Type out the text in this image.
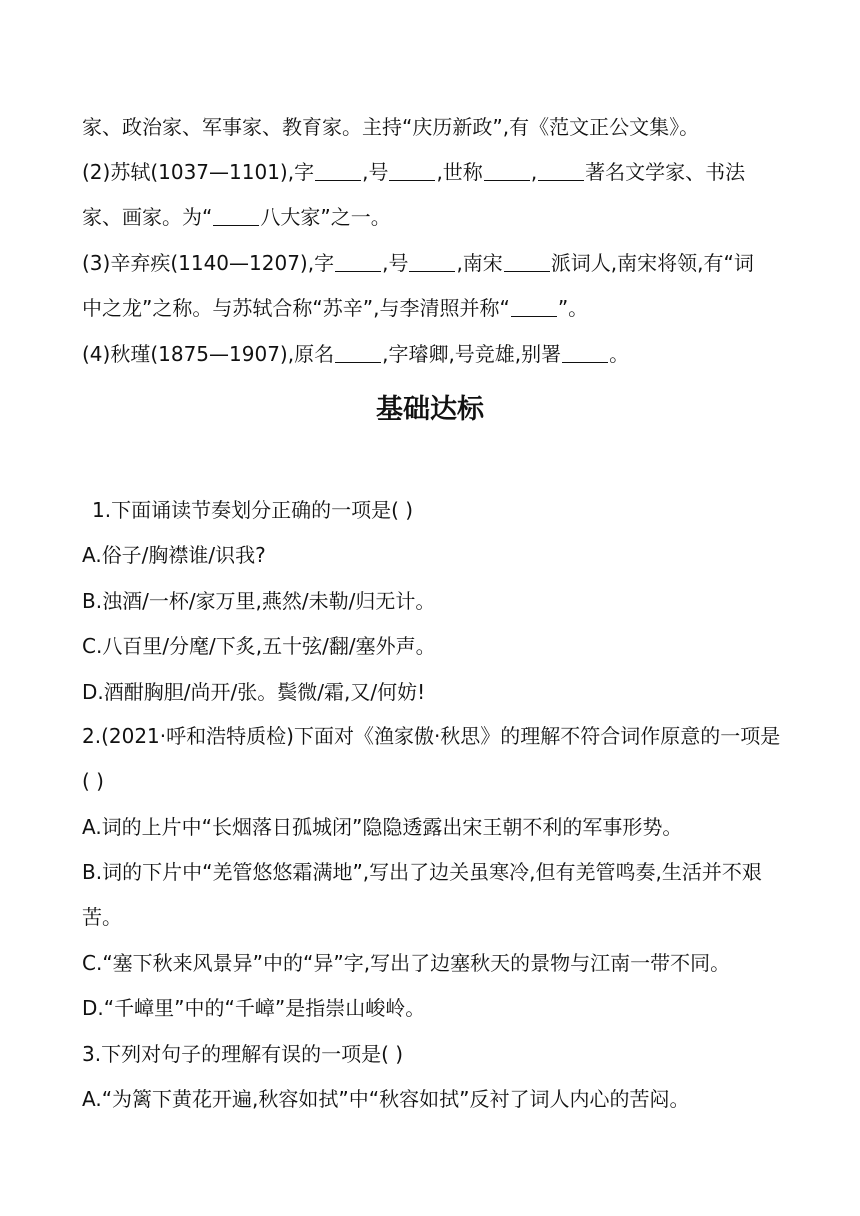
家、政治家、军事家、教育家。主持“庆历新政”,有《范文正公文集》。
(2)苏轼(1037—1101),字 ,号 ,世称 , 著名文学家、书法
家、画家。为“ 八大家”之一。
(3)辛弃疾(1140—1207),字 ,号 ,南宋 派词人,南宋将领,有“词
中之龙”之称。与苏轼合称“苏辛”,与李清照并称“ ”。
(4)秋瑾(1875—1907),原名 ,字璿卿,号竞雄,别署 。
基础达标
1.下面诵读节奏划分正确的一项是( )
A.俗子/胸襟谁/识我?
B.浊酒/一杯/家万里,燕然/未勒/归无计。
C.八百里/分麾/下炙,五十弦/翻/塞外声。
D.酒酣胸胆/尚开/张。鬓微/霜,又/何妨!
2.(2021·呼和浩特质检)下面对《渔家傲·秋思》的理解不符合词作原意的一项是
( )
A.词的上片中“长烟落日孤城闭”隐隐透露出宋王朝不利的军事形势。
B.词的下片中“羌管悠悠霜满地”,写出了边关虽寒冷,但有羌管鸣奏,生活并不艰
苦。
C.“塞下秋来风景异”中的“异”字,写出了边塞秋天的景物与江南一带不同。
D.“千嶂里”中的“千嶂”是指崇山峻岭。
3.下列对句子的理解有误的一项是( )
A.“为篱下黄花开遍,秋容如拭”中“秋容如拭”反衬了词人内心的苦闷。
